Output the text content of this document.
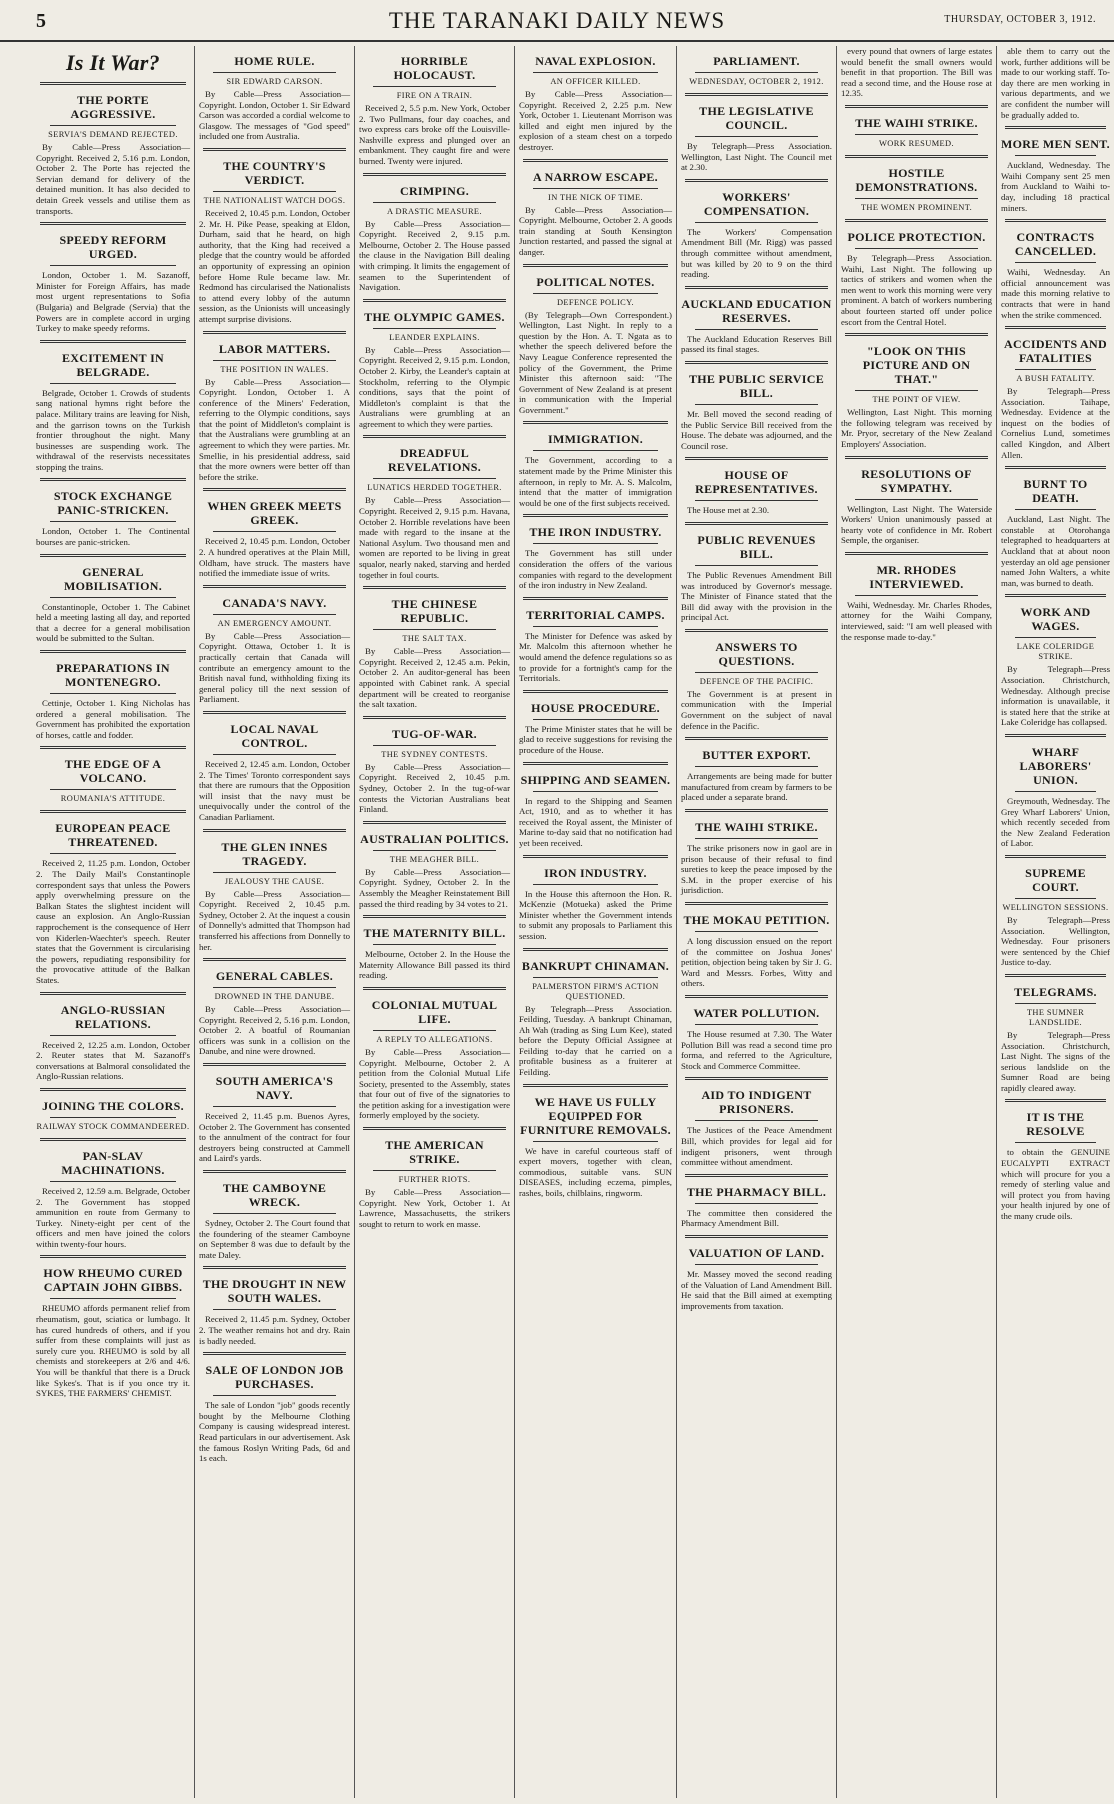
5	THE TARANAKI DAILY NEWS	THURSDAY, OCTOBER 3, 1912.
Is It War?
THE PORTE AGGRESSIVE.
SERVIA'S DEMAND REJECTED.

By Cable—Press Association—Copyright. Received 2, 5.16 p.m. London, October 2. The Porte has rejected the Servian demand for delivery of the detained munition. It has also decided to detain Greek vessels and utilise them as transports.

SPEEDY REFORM URGED.

London, October 1. M. Sazanoff, Minister for Foreign Affairs, has made most urgent representations to Sofia (Bulgaria) and Belgrade (Servia) that the Powers are in complete accord in urging Turkey to make speedy reforms.

EXCITEMENT IN BELGRADE.

Belgrade, October 1. Crowds of students sang national hymns right before the palace. Military trains are leaving for Nish, and the garrison towns on the Turkish frontier throughout the night. Many businesses are suspending work. The withdrawal of the reservists necessitates stopping the trains.

STOCK EXCHANGE PANIC-STRICKEN.

London, October 1. The Continental bourses are panic-stricken.

GENERAL MOBILISATION.

Constantinople, October 1. The Cabinet held a meeting lasting all day, and reported that a decree for a general mobilisation would be submitted to the Sultan.

PREPARATIONS IN MONTENEGRO.

Cettinje, October 1. King Nicholas has ordered a general mobilisation. The Government has prohibited the exportation of horses, cattle and fodder.

THE EDGE OF A VOLCANO.
ROUMANIA'S ATTITUDE.
EUROPEAN PEACE THREATENED.

Received 2, 11.25 p.m. London, October 2. The Daily Mail's Constantinople correspondent says that unless the Powers apply overwhelming pressure on the Balkan States the slightest incident will cause an explosion. An Anglo-Russian rapprochement is the consequence of Herr von Kiderlen-Waechter's speech. Reuter states that the Government is circularising the powers, repudiating responsibility for the provocative attitude of the Balkan States.

ANGLO-RUSSIAN RELATIONS.

Received 2, 12.25 a.m. London, October 2. Reuter states that M. Sazanoff's conversations at Balmoral consolidated the Anglo-Russian relations.

JOINING THE COLORS.
RAILWAY STOCK COMMANDEERED.
PAN-SLAV MACHINATIONS.

Received 2, 12.59 a.m. Belgrade, October 2. The Government has stopped ammunition en route from Germany to Turkey. Ninety-eight per cent of the officers and men have joined the colors within twenty-four hours.

HOW RHEUMO CURED CAPTAIN JOHN GIBBS.

RHEUMO affords permanent relief from rheumatism, gout, sciatica or lumbago. It has cured hundreds of others, and if you suffer from these complaints will just as surely cure you. RHEUMO is sold by all chemists and storekeepers at 2/6 and 4/6. You will be thankful that there is a Druck like Sykes's. That is if you once try it. SYKES, THE FARMERS' CHEMIST.

HOME RULE.
SIR EDWARD CARSON.

By Cable—Press Association—Copyright. London, October 1. Sir Edward Carson was accorded a cordial welcome to Glasgow. The messages of "God speed" included one from Australia.

THE COUNTRY'S VERDICT.
THE NATIONALIST WATCH DOGS.

Received 2, 10.45 p.m. London, October 2. Mr. H. Pike Pease, speaking at Eldon, Durham, said that he heard, on high authority, that the King had received a pledge that the country would be afforded an opportunity of expressing an opinion before Home Rule became law. Mr. Redmond has circularised the Nationalists to attend every lobby of the autumn session, as the Unionists will unceasingly attempt surprise divisions.

LABOR MATTERS.
THE POSITION IN WALES.

By Cable—Press Association—Copyright. London, October 1. A conference of the Miners' Federation, referring to the Olympic conditions, says that the point of Middleton's complaint is that the Australians were grumbling at an agreement to which they were parties. Mr. Smellie, in his presidential address, said that the more owners were better off than before the strike.

WHEN GREEK MEETS GREEK.

Received 2, 10.45 p.m. London, October 2. A hundred operatives at the Plain Mill, Oldham, have struck. The masters have notified the immediate issue of writs.

CANADA'S NAVY.
AN EMERGENCY AMOUNT.

By Cable—Press Association—Copyright. Ottawa, October 1. It is practically certain that Canada will contribute an emergency amount to the British naval fund, withholding fixing its general policy till the next session of Parliament.

LOCAL NAVAL CONTROL.

Received 2, 12.45 a.m. London, October 2. The Times' Toronto correspondent says that there are rumours that the Opposition will insist that the navy must be unequivocally under the control of the Canadian Parliament.

THE GLEN INNES TRAGEDY.
JEALOUSY THE CAUSE.

By Cable—Press Association—Copyright. Received 2, 10.45 p.m. Sydney, October 2. At the inquest a cousin of Donnelly's admitted that Thompson had transferred his affections from Donnelly to her.

GENERAL CABLES.
DROWNED IN THE DANUBE.

By Cable—Press Association—Copyright. Received 2, 5.16 p.m. London, October 2. A boatful of Roumanian officers was sunk in a collision on the Danube, and nine were drowned.

SOUTH AMERICA'S NAVY.

Received 2, 11.45 p.m. Buenos Ayres, October 2. The Government has consented to the annulment of the contract for four destroyers being constructed at Cammell and Laird's yards.

THE CAMBOYNE WRECK.

Sydney, October 2. The Court found that the foundering of the steamer Camboyne on September 8 was due to default by the mate Daley.

THE DROUGHT IN NEW SOUTH WALES.

Received 2, 11.45 p.m. Sydney, October 2. The weather remains hot and dry. Rain is badly needed.

SALE OF LONDON JOB PURCHASES.

The sale of London "job" goods recently bought by the Melbourne Clothing Company is causing widespread interest. Read particulars in our advertisement. Ask the famous Roslyn Writing Pads, 6d and 1s each.

HORRIBLE HOLOCAUST.
FIRE ON A TRAIN.

Received 2, 5.5 p.m. New York, October 2. Two Pullmans, four day coaches, and two express cars broke off the Louisville-Nashville express and plunged over an embankment. They caught fire and were burned. Twenty were injured.

CRIMPING.
A DRASTIC MEASURE.

By Cable—Press Association—Copyright. Received 2, 9.15 p.m. Melbourne, October 2. The House passed the clause in the Navigation Bill dealing with crimping. It limits the engagement of seamen to the Superintendent of Navigation.

THE OLYMPIC GAMES.
LEANDER EXPLAINS.

By Cable—Press Association—Copyright. Received 2, 9.15 p.m. London, October 2. Kirby, the Leander's captain at Stockholm, referring to the Olympic conditions, says that the point of Middleton's complaint is that the Australians were grumbling at an agreement to which they were parties.

DREADFUL REVELATIONS.
LUNATICS HERDED TOGETHER.

By Cable—Press Association—Copyright. Received 2, 9.15 p.m. Havana, October 2. Horrible revelations have been made with regard to the insane at the National Asylum. Two thousand men and women are reported to be living in great squalor, nearly naked, starving and herded together in foul courts.

THE CHINESE REPUBLIC.
THE SALT TAX.

By Cable—Press Association—Copyright. Received 2, 12.45 a.m. Pekin, October 2. An auditor-general has been appointed with Cabinet rank. A special department will be created to reorganise the salt taxation.

TUG-OF-WAR.
THE SYDNEY CONTESTS.

By Cable—Press Association—Copyright. Received 2, 10.45 p.m. Sydney, October 2. In the tug-of-war contests the Victorian Australians beat Finland.

AUSTRALIAN POLITICS.
THE MEAGHER BILL.

By Cable—Press Association—Copyright. Sydney, October 2. In the Assembly the Meagher Reinstatement Bill passed the third reading by 34 votes to 21.

THE MATERNITY BILL.

Melbourne, October 2. In the House the Maternity Allowance Bill passed its third reading.

COLONIAL MUTUAL LIFE.
A REPLY TO ALLEGATIONS.

By Cable—Press Association—Copyright. Melbourne, October 2. A petition from the Colonial Mutual Life Society, presented to the Assembly, states that four out of five of the signatories to the petition asking for a investigation were formerly employed by the society.

THE AMERICAN STRIKE.
FURTHER RIOTS.

By Cable—Press Association—Copyright. New York, October 1. At Lawrence, Massachusetts, the strikers sought to return to work en masse.

NAVAL EXPLOSION.
AN OFFICER KILLED.

By Cable—Press Association—Copyright. Received 2, 2.25 p.m. New York, October 1. Lieutenant Morrison was killed and eight men injured by the explosion of a steam chest on a torpedo destroyer.

A NARROW ESCAPE.
IN THE NICK OF TIME.

By Cable—Press Association—Copyright. Melbourne, October 2. A goods train standing at South Kensington Junction restarted, and passed the signal at danger.

POLITICAL NOTES.
DEFENCE POLICY.

(By Telegraph—Own Correspondent.) Wellington, Last Night. In reply to a question by the Hon. A. T. Ngata as to whether the speech delivered before the Navy League Conference represented the policy of the Government, the Prime Minister this afternoon said: "The Government of New Zealand is at present in communication with the Imperial Government."

IMMIGRATION.

The Government, according to a statement made by the Prime Minister this afternoon, in reply to Mr. A. S. Malcolm, intend that the matter of immigration would be one of the first subjects received.

THE IRON INDUSTRY.

The Government has still under consideration the offers of the various companies with regard to the development of the iron industry in New Zealand.

TERRITORIAL CAMPS.

The Minister for Defence was asked by Mr. Malcolm this afternoon whether he would amend the defence regulations so as to provide for a fortnight's camp for the Territorials.

HOUSE PROCEDURE.

The Prime Minister states that he will be glad to receive suggestions for revising the procedure of the House.

SHIPPING AND SEAMEN.

In regard to the Shipping and Seamen Act, 1910, and as to whether it has received the Royal assent, the Minister of Marine to-day said that no notification had yet been received.

IRON INDUSTRY.

In the House this afternoon the Hon. R. McKenzie (Motueka) asked the Prime Minister whether the Government intends to submit any proposals to Parliament this session.

BANKRUPT CHINAMAN.
PALMERSTON FIRM'S ACTION QUESTIONED.

By Telegraph—Press Association. Feilding, Tuesday. A bankrupt Chinaman, Ah Wah (trading as Sing Lum Kee), stated before the Deputy Official Assignee at Feilding to-day that he carried on a profitable business as a fruiterer at Feilding.

WE HAVE US FULLY EQUIPPED FOR FURNITURE REMOVALS.

We have in careful courteous staff of expert movers, together with clean, commodious, suitable vans. SUN DISEASES, including eczema, pimples, rashes, boils, chilblains, ringworm.

PARLIAMENT.
WEDNESDAY, OCTOBER 2, 1912.
THE LEGISLATIVE COUNCIL.

By Telegraph—Press Association. Wellington, Last Night. The Council met at 2.30.

WORKERS' COMPENSATION.

The Workers' Compensation Amendment Bill (Mr. Rigg) was passed through committee without amendment, but was killed by 20 to 9 on the third reading.

AUCKLAND EDUCATION RESERVES.

The Auckland Education Reserves Bill passed its final stages.

THE PUBLIC SERVICE BILL.

Mr. Bell moved the second reading of the Public Service Bill received from the House. The debate was adjourned, and the Council rose.

HOUSE OF REPRESENTATIVES.

The House met at 2.30.

PUBLIC REVENUES BILL.

The Public Revenues Amendment Bill was introduced by Governor's message. The Minister of Finance stated that the Bill did away with the provision in the principal Act.

ANSWERS TO QUESTIONS.
DEFENCE OF THE PACIFIC.

The Government is at present in communication with the Imperial Government on the subject of naval defence in the Pacific.

BUTTER EXPORT.

Arrangements are being made for butter manufactured from cream by farmers to be placed under a separate brand.

THE WAIHI STRIKE.

The strike prisoners now in gaol are in prison because of their refusal to find sureties to keep the peace imposed by the S.M. in the proper exercise of his jurisdiction.

THE MOKAU PETITION.

A long discussion ensued on the report of the committee on Joshua Jones' petition, objection being taken by Sir J. G. Ward and Messrs. Forbes, Witty and others.

WATER POLLUTION.

The House resumed at 7.30. The Water Pollution Bill was read a second time pro forma, and referred to the Agriculture, Stock and Commerce Committee.

AID TO INDIGENT PRISONERS.

The Justices of the Peace Amendment Bill, which provides for legal aid for indigent prisoners, went through committee without amendment.

THE PHARMACY BILL.

The committee then considered the Pharmacy Amendment Bill.

VALUATION OF LAND.

Mr. Massey moved the second reading of the Valuation of Land Amendment Bill. He said that the Bill aimed at exempting improvements from taxation.

every pound that owners of large estates would benefit the small owners would benefit in that proportion. The Bill was read a second time, and the House rose at 12.35.

THE WAIHI STRIKE.
WORK RESUMED.
HOSTILE DEMONSTRATIONS.
THE WOMEN PROMINENT.
POLICE PROTECTION.

By Telegraph—Press Association. Waihi, Last Night. The following up tactics of strikers and women when the men went to work this morning were very prominent. A batch of workers numbering about fourteen started off under police escort from the Central Hotel.

"LOOK ON THIS PICTURE AND ON THAT."
THE POINT OF VIEW.

Wellington, Last Night. This morning the following telegram was received by Mr. Pryor, secretary of the New Zealand Employers' Association.

RESOLUTIONS OF SYMPATHY.

Wellington, Last Night. The Waterside Workers' Union unanimously passed at hearty vote of confidence in Mr. Robert Semple, the organiser.

MR. RHODES INTERVIEWED.

Waihi, Wednesday. Mr. Charles Rhodes, attorney for the Waihi Company, interviewed, said: "I am well pleased with the response made to-day."

able them to carry out the work, further additions will be made to our working staff. To-day there are men working in various departments, and we are confident the number will be gradually added to.

MORE MEN SENT.

Auckland, Wednesday. The Waihi Company sent 25 men from Auckland to Waihi to-day, including 18 practical miners.

CONTRACTS CANCELLED.

Waihi, Wednesday. An official announcement was made this morning relative to contracts that were in hand when the strike commenced.

ACCIDENTS AND FATALITIES
A BUSH FATALITY.

By Telegraph—Press Association. Taihape, Wednesday. Evidence at the inquest on the bodies of Cornelius Lund, sometimes called Kingdon, and Albert Allen.

BURNT TO DEATH.

Auckland, Last Night. The constable at Otorohanga telegraphed to headquarters at Auckland that at about noon yesterday an old age pensioner named John Walters, a white man, was burned to death.

WORK AND WAGES.
LAKE COLERIDGE STRIKE.

By Telegraph—Press Association. Christchurch, Wednesday. Although precise information is unavailable, it is stated here that the strike at Lake Coleridge has collapsed.

WHARF LABORERS' UNION.

Greymouth, Wednesday. The Grey Wharf Laborers' Union, which recently seceded from the New Zealand Federation of Labor.

SUPREME COURT.
WELLINGTON SESSIONS.

By Telegraph—Press Association. Wellington, Wednesday. Four prisoners were sentenced by the Chief Justice to-day.

TELEGRAMS.
THE SUMNER LANDSLIDE.

By Telegraph—Press Association. Christchurch, Last Night. The signs of the serious landslide on the Sumner Road are being rapidly cleared away.

IT IS THE RESOLVE

to obtain the GENUINE EUCALYPTI EXTRACT which will procure for you a remedy of sterling value and will protect you from having your health injured by one of the many crude oils.
